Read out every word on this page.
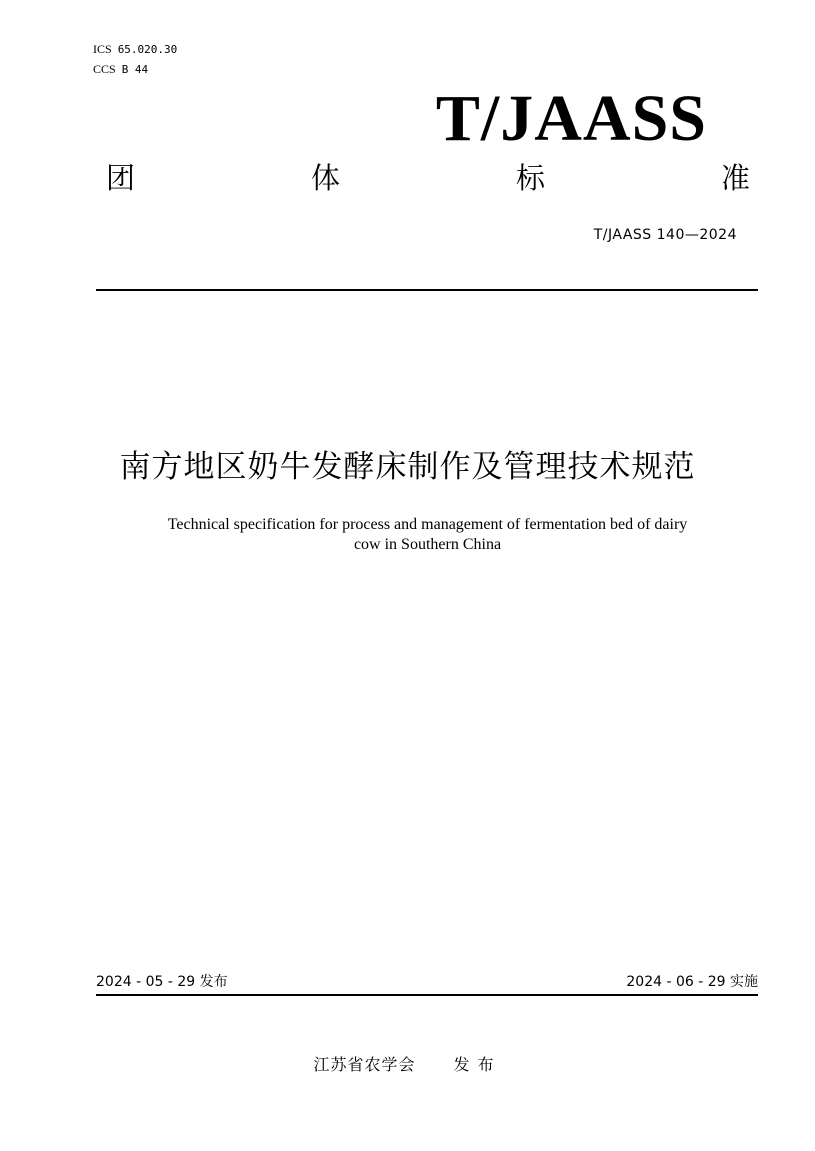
ICS 65.020.30
CCS B 44
T/JAASS
团	体	标	准
T/JAASS 140—2024
南方地区奶牛发酵床制作及管理技术规范
Technical specification for process and management of fermentation bed of dairy
cow in Southern China
2024 - 05 - 29 发布	2024 - 06 - 29 实施
江苏省农学会 发布
